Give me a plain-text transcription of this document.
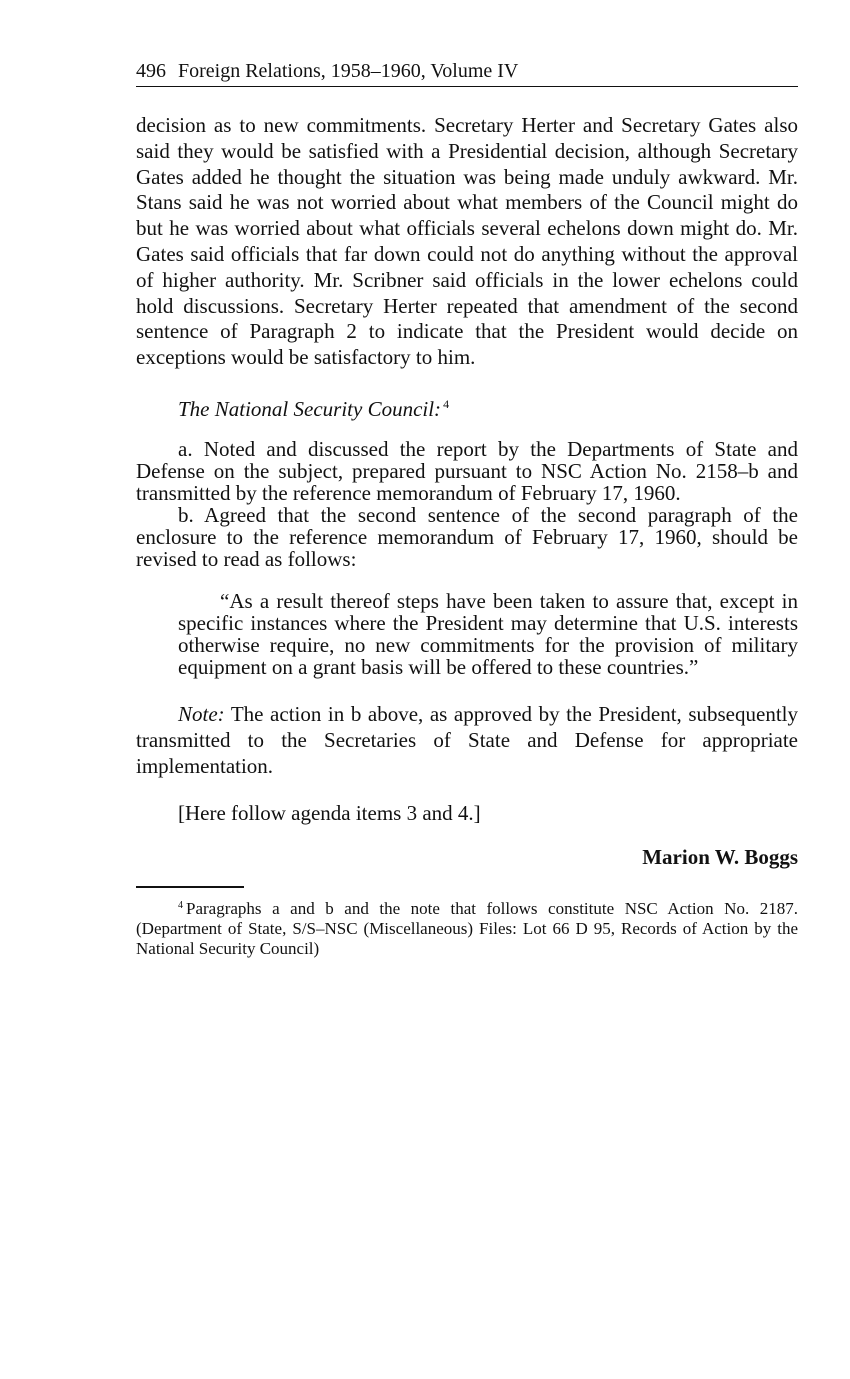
496 Foreign Relations, 1958–1960, Volume IV

decision as to new commitments. Secretary Herter and Secretary Gates also said they would be satisfied with a Presidential decision, although Secretary Gates added he thought the situation was being made unduly awkward. Mr. Stans said he was not worried about what members of the Council might do but he was worried about what officials several echelons down might do. Mr. Gates said officials that far down could not do anything without the approval of higher authority. Mr. Scribner said officials in the lower echelons could hold discussions. Secretary Herter repeated that amendment of the second sentence of Paragraph 2 to indicate that the President would decide on exceptions would be satisfactory to him.

The National Security Council: $^4$

a. Noted and discussed the report by the Departments of State and Defense on the subject, prepared pursuant to NSC Action No. 2158–b and transmitted by the reference memorandum of February 17, 1960.

b. Agreed that the second sentence of the second paragraph of the enclosure to the reference memorandum of February 17, 1960, should be revised to read as follows:

“As a result thereof steps have been taken to assure that, except in specific instances where the President may determine that U.S. interests otherwise require, no new commitments for the provision of military equipment on a grant basis will be offered to these countries.”

Note: The action in b above, as approved by the President, subsequently transmitted to the Secretaries of State and Defense for appropriate implementation.

[Here follow agenda items 3 and 4.]
Marion W. Boggs

$^4$ Paragraphs a and b and the note that follows constitute NSC Action No. 2187. (Department of State, S/S–NSC (Miscellaneous) Files: Lot 66 D 95, Records of Action by the National Security Council)
